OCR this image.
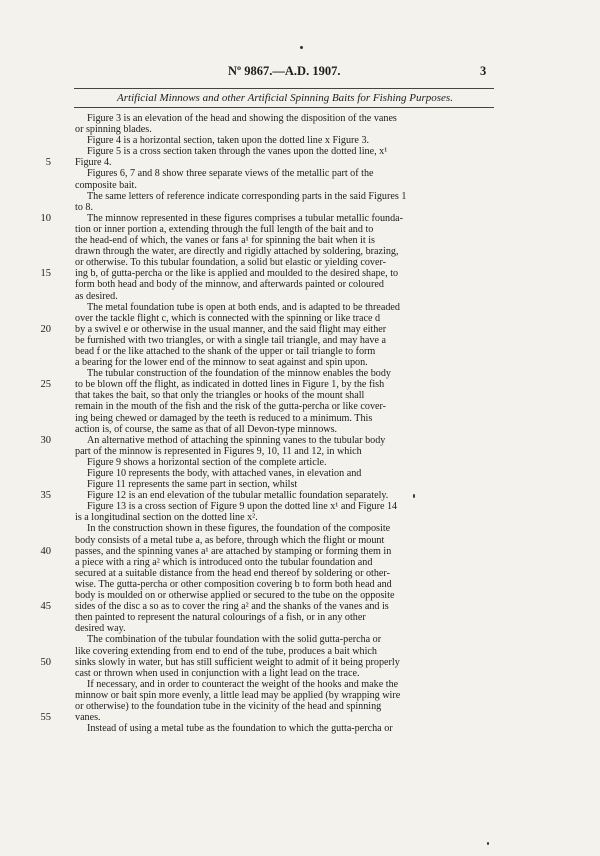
Nº 9867.—A.D. 1907.	3
Artificial Minnows and other Artificial Spinning Baits for Fishing Purposes.
Figure 3 is an elevation of the head and showing the disposition of the vanes
or spinning blades.
Figure 4 is a horizontal section, taken upon the dotted line x Figure 3.
Figure 5 is a cross section taken through the vanes upon the dotted line, x¹
5 Figure 4.
Figures 6, 7 and 8 show three separate views of the metallic part of the
composite bait.
The same letters of reference indicate corresponding parts in the said Figures 1
to 8.
10	The minnow represented in these figures comprises a tubular metallic founda-
tion or inner portion a, extending through the full length of the bait and to
the head-end of which, the vanes or fans a¹ for spinning the bait when it is
drawn through the water, are directly and rigidly attached by soldering, brazing,
or otherwise. To this tubular foundation, a solid but elastic or yielding cover-
15 ing b, of gutta-percha or the like is applied and moulded to the desired shape, to
form both head and body of the minnow, and afterwards painted or coloured
as desired.
The metal foundation tube is open at both ends, and is adapted to be threaded
over the tackle flight c, which is connected with the spinning or like trace d
20 by a swivel e or otherwise in the usual manner, and the said flight may either
be furnished with two triangles, or with a single tail triangle, and may have a
bead f or the like attached to the shank of the upper or tail triangle to form
a bearing for the lower end of the minnow to seat against and spin upon.
The tubular construction of the foundation of the minnow enables the body
25 to be blown off the flight, as indicated in dotted lines in Figure 1, by the fish
that takes the bait, so that only the triangles or hooks of the mount shall
remain in the mouth of the fish and the risk of the gutta-percha or like cover-
ing being chewed or damaged by the teeth is reduced to a minimum. This
action is, of course, the same as that of all Devon-type minnows.
30	An alternative method of attaching the spinning vanes to the tubular body
part of the minnow is represented in Figures 9, 10, 11 and 12, in which
Figure 9 shows a horizontal section of the complete article.
Figure 10 represents the body, with attached vanes, in elevation and
Figure 11 represents the same part in section, whilst
35	Figure 12 is an end elevation of the tubular metallic foundation separately.
Figure 13 is a cross section of Figure 9 upon the dotted line x¹ and Figure 14
is a longitudinal section on the dotted line x².
In the construction shown in these figures, the foundation of the composite
body consists of a metal tube a, as before, through which the flight or mount
40 passes, and the spinning vanes a¹ are attached by stamping or forming them in
a piece with a ring a² which is introduced onto the tubular foundation and
secured at a suitable distance from the head end thereof by soldering or other-
wise. The gutta-percha or other composition covering b to form both head and
body is moulded on or otherwise applied or secured to the tube on the opposite
45 sides of the disc a so as to cover the ring a² and the shanks of the vanes and is
then painted to represent the natural colourings of a fish, or in any other
desired way.
The combination of the tubular foundation with the solid gutta-percha or
like covering extending from end to end of the tube, produces a bait which
50 sinks slowly in water, but has still sufficient weight to admit of it being properly
cast or thrown when used in conjunction with a light lead on the trace.
If necessary, and in order to counteract the weight of the hooks and make the
minnow or bait spin more evenly, a little lead may be applied (by wrapping wire
or otherwise) to the foundation tube in the vicinity of the head and spinning
55 vanes.
Instead of using a metal tube as the foundation to which the gutta-percha or
